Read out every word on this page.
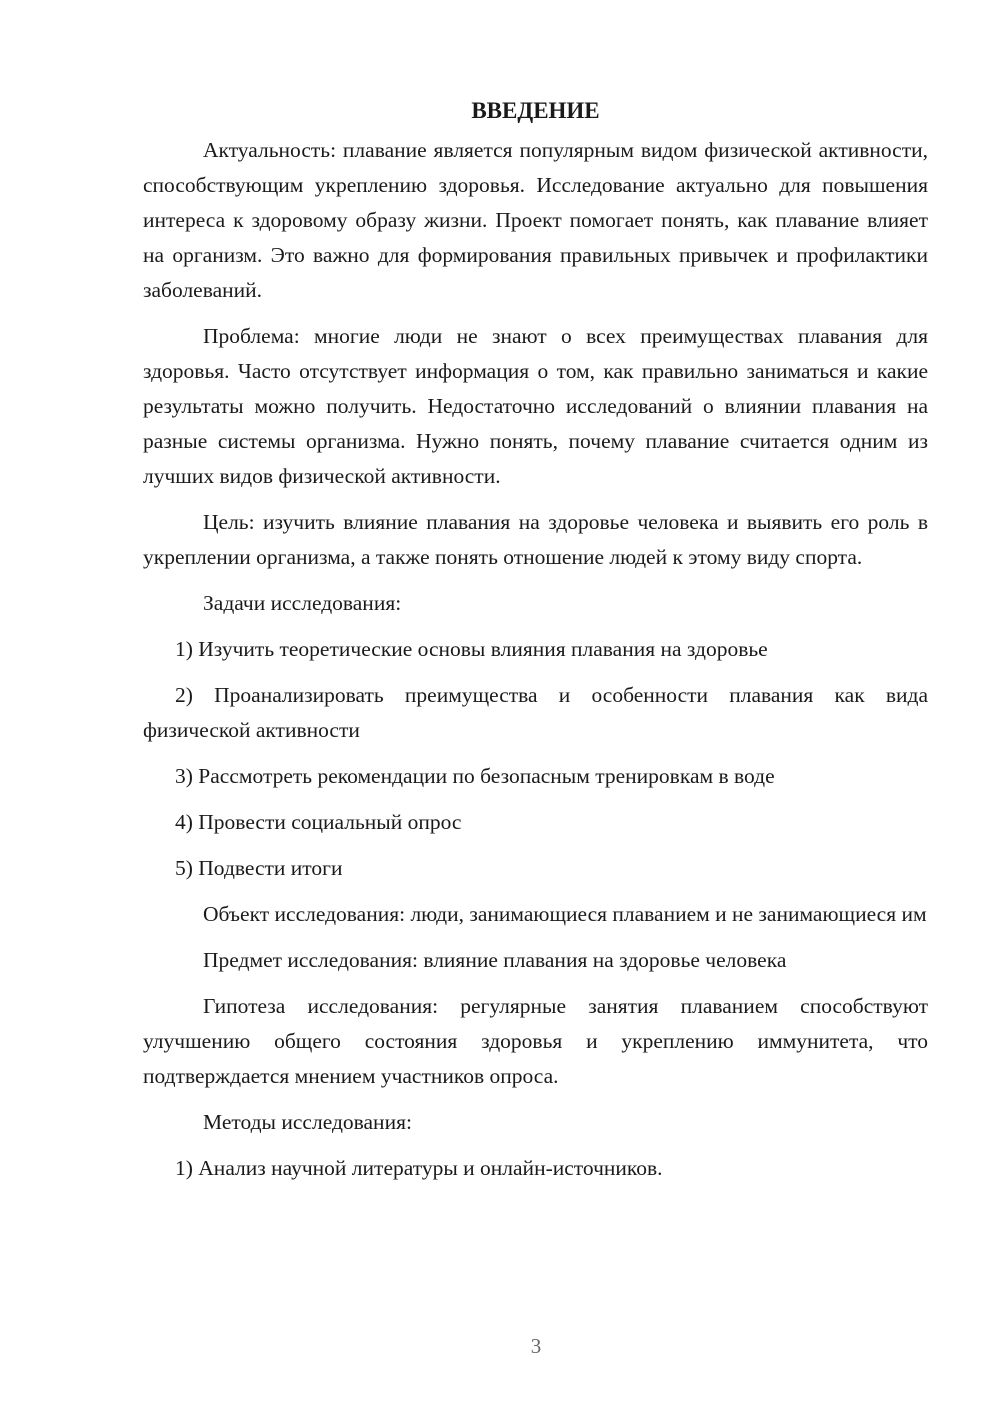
ВВЕДЕНИЕ

Актуальность: плавание является популярным видом физической активности, способствующим укреплению здоровья. Исследование актуально для повышения интереса к здоровому образу жизни. Проект помогает понять, как плавание влияет на организм. Это важно для формирования правильных привычек и профилактики заболеваний.

Проблема: многие люди не знают о всех преимуществах плавания для здоровья. Часто отсутствует информация о том, как правильно заниматься и какие результаты можно получить. Недостаточно исследований о влиянии плавания на разные системы организма. Нужно понять, почему плавание считается одним из лучших видов физической активности.

Цель: изучить влияние плавания на здоровье человека и выявить его роль в укреплении организма, а также понять отношение людей к этому виду спорта.

Задачи исследования:

1) Изучить теоретические основы влияния плавания на здоровье

2) Проанализировать преимущества и особенности плавания как вида физической активности

3) Рассмотреть рекомендации по безопасным тренировкам в воде

4) Провести социальный опрос

5) Подвести итоги

Объект исследования: люди, занимающиеся плаванием и не занимающиеся им

Предмет исследования: влияние плавания на здоровье человека

Гипотеза исследования: регулярные занятия плаванием способствуют улучшению общего состояния здоровья и укреплению иммунитета, что подтверждается мнением участников опроса.

Методы исследования:

1) Анализ научной литературы и онлайн-источников.

3
